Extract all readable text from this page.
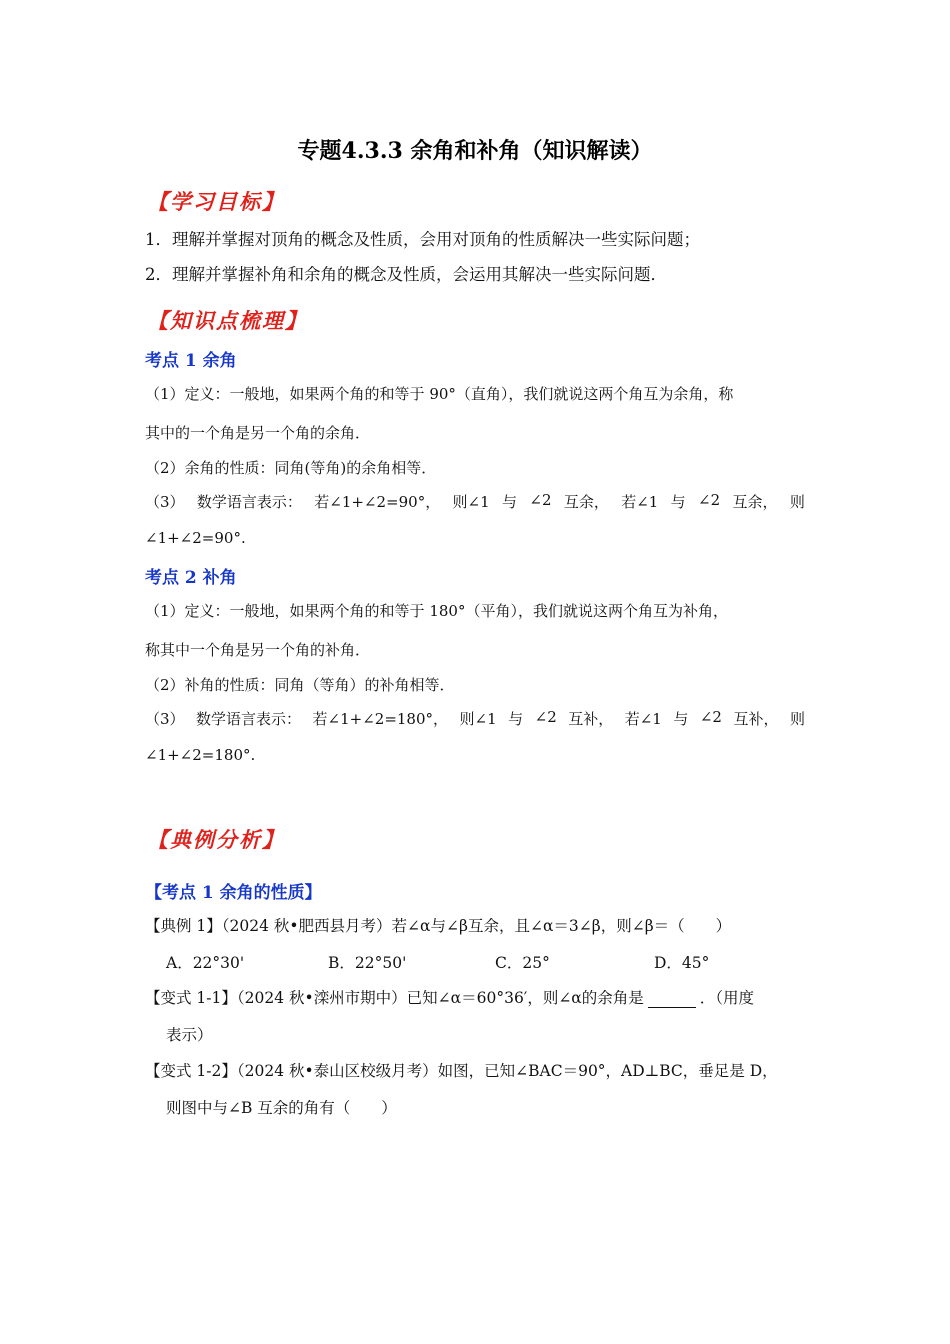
专题4.3.3 余角和补角（知识解读）
【学习目标】
1．理解并掌握对顶角的概念及性质，会用对顶角的性质解决一些实际问题；
2．理解并掌握补角和余角的概念及性质，会运用其解决一些实际问题．
【知识点梳理】
考点 1 余角
（1）定义：一般地，如果两个角的和等于 90°（直角），我们就说这两个角互为余角，称
其中的一个角是另一个角的余角．
（2）余角的性质：同角(等角)的余角相等．
（3） 数学语言表示： 若∠1+∠2=90°， 则∠1 与 ∠2 互余， 若∠1 与 ∠2 互余， 则
∠1+∠2=90°.
考点 2 补角
（1）定义：一般地，如果两个角的和等于 180°（平角），我们就说这两个角互为补角，
称其中一个角是另一个角的补角．
（2）补角的性质：同角（等角）的补角相等．
（3） 数学语言表示： 若∠1+∠2=180°， 则∠1 与 ∠2 互补， 若∠1 与 ∠2 互补， 则
∠1+∠2=180°.
【典例分析】
【考点 1 余角的性质】
【典例 1】（2024 秋•肥西县月考）若∠α与∠β互余，且∠α＝3∠β，则∠β＝（　　）
A．22°30'	B．22°50'	C．25°	D．45°
【变式 1-1】（2024 秋•滦州市期中）已知∠α＝60°36′，则∠α的余角是	．（用度
表示）
【变式 1-2】（2024 秋•泰山区校级月考）如图，已知∠BAC＝90°，AD⊥BC，垂足是 D，
则图中与∠B 互余的角有（　　）
